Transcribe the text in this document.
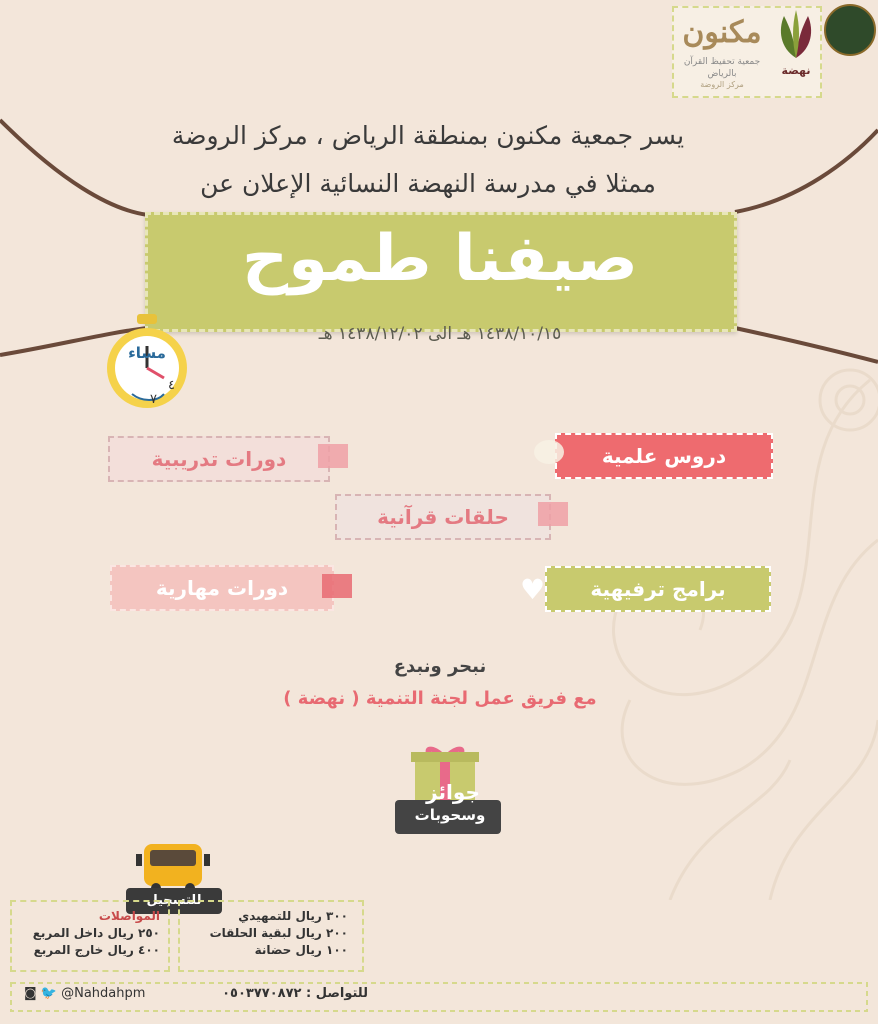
مكنون
جمعية تحفيظ القرآن بالرياض
مركز الروضة
نهضة
يسر جمعية مكنون بمنطقة الرياض ، مركز الروضة
ممثلا في مدرسة النهضة النسائية الإعلان عن
صيفنا طموح
١٤٣٨/١٠/١٥ هـ الى ١٤٣٨/١٢/٠٢ هـ
مساء
٤
٧
دروس علمية
دورات تدريبية
حلقات قرآنية
دورات مهارية	برامج ترفيهية
♥
نبحر ونبدع
مع فريق عمل لجنة التنمية ( نهضة )
جوائز
وسحوبات
للتسجيل
٣٠٠ ريال للتمهيدي
٢٠٠ ريال لبقية الحلقات
١٠٠ ريال حضانة
المواصلات
٢٥٠ ريال داخل المربع
٤٠٠ ريال خارج المربع
للتواصل : ٠٥٠٣٧٧٠٨٧٢
◙ 🐦 @Nahdahpm
